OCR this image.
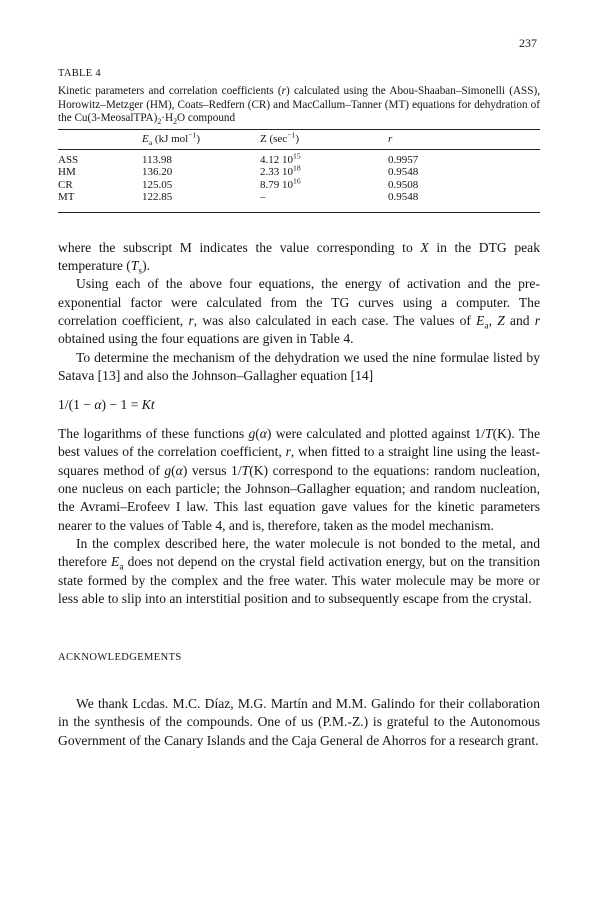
237
TABLE 4

Kinetic parameters and correlation coefficients (r) calculated using the Abou-Shaaban–Simonelli (ASS), Horowitz–Metzger (HM), Coats–Redfern (CR) and MacCallum–Tanner (MT) equations for dehydration of the $Cu(3-MeosalTPA)_2\cdot H_2O$ compound

	$E_a$ (kJ mol$^{-1}$)	Z $(\sec^{-1})$	r
ASS	113.98	4.12 $10^{15}$	0.9957
HM	136.20	2.33 $10^{18}$	0.9548
CR	125.05	8.79 $10^{16}$	0.9508
MT	122.85	–	0.9548

where the subscript M indicates the value corresponding to X in the DTG peak temperature $(T_s)$.

Using each of the above four equations, the energy of activation and the pre-exponential factor were calculated from the TG curves using a computer. The correlation coefficient, r, was also calculated in each case. The values of $E_a$, Z and r obtained using the four equations are given in Table 4.

To determine the mechanism of the dehydration we used the nine formulae listed by Satava [13] and also the Johnson–Gallagher equation [14]

1/(1 − α) − 1 = Kt

The logarithms of these functions g(α) were calculated and plotted against 1/T(K). The best values of the correlation coefficient, r, when fitted to a straight line using the least-squares method of g(α) versus 1/T(K) correspond to the equations: random nucleation, one nucleus on each particle; the Johnson–Gallagher equation; and random nucleation, the Avrami–Erofeev I law. This last equation gave values for the kinetic parameters nearer to the values of Table 4, and is, therefore, taken as the model mechanism.

In the complex described here, the water molecule is not bonded to the metal, and therefore $E_a$ does not depend on the crystal field activation energy, but on the transition state formed by the complex and the free water. This water molecule may be more or less able to slip into an interstitial position and to subsequently escape from the crystal.

ACKNOWLEDGEMENTS

We thank Lcdas. M.C. Díaz, M.G. Martín and M.M. Galindo for their collaboration in the synthesis of the compounds. One of us (P.M.-Z.) is grateful to the Autonomous Government of the Canary Islands and the Caja General de Ahorros for a research grant.
